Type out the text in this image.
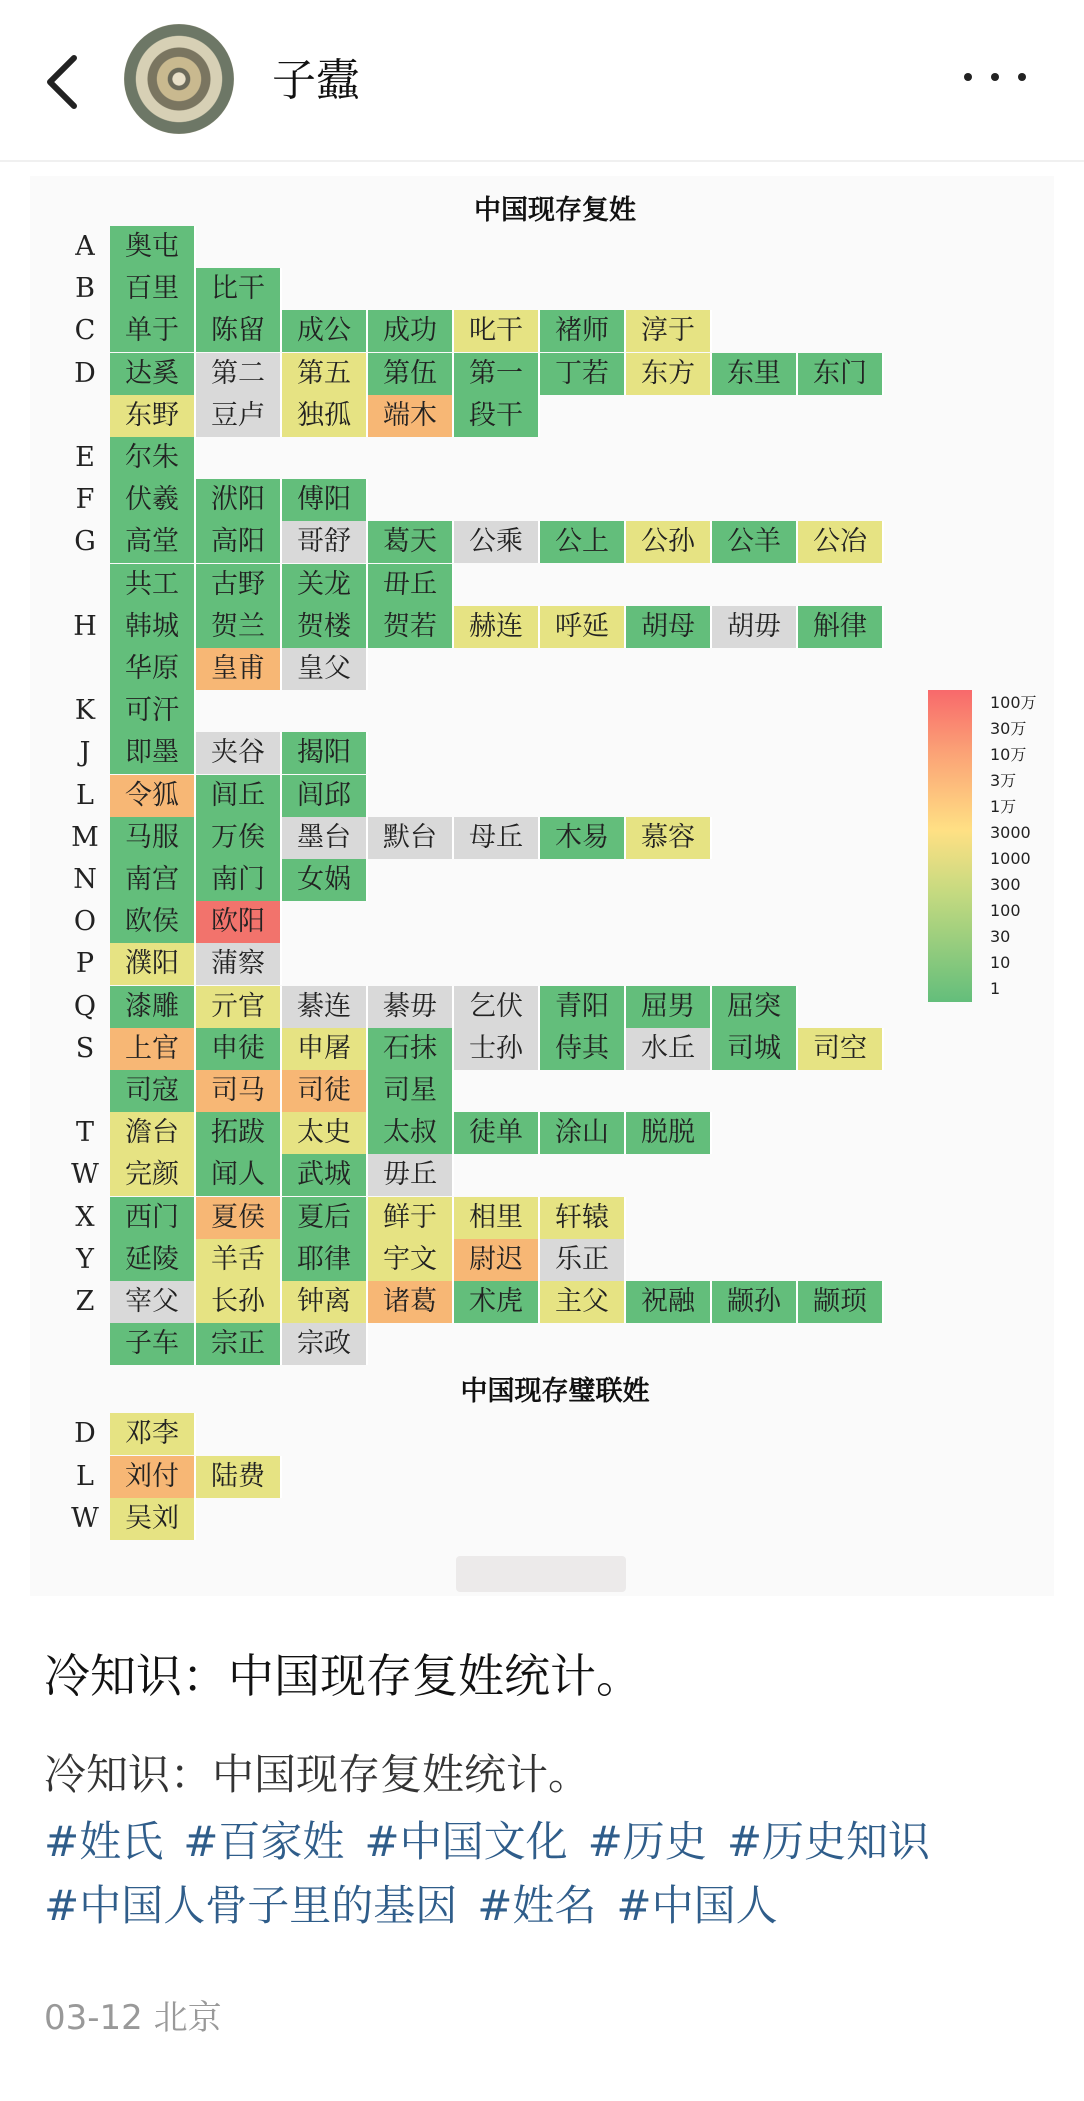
子蠹
中国现存复姓
A	奥屯
B	百里	比干
C	单于	陈留	成公	成功	叱干	褚师	淳于
D	达奚	第二	第五	第伍	第一	丁若	东方	东里	东门
东野	豆卢	独孤	端木	段干
E	尔朱
F	伏羲	洑阳	傅阳
G	高堂	高阳	哥舒	葛天	公乘	公上	公孙	公羊	公冶
共工	古野	关龙	毌丘
H	韩城	贺兰	贺楼	贺若	赫连	呼延	胡母	胡毋	斛律
华原	皇甫	皇父
K	可汗
J	即墨	夹谷	揭阳
L	令狐	闾丘	闾邱
M 马服	万俟	墨台	默台	母丘	木易	慕容
N	南宫	南门	女娲
O	欧侯	欧阳
P	濮阳	蒲察
Q	漆雕	亓官	綦连	綦毋	乞伏	青阳	屈男	屈突
S	上官	申徒	申屠	石抹	士孙	侍其	水丘	司城	司空
司寇	司马	司徒	司星
T	澹台	拓跋	太史	太叔	徒单	涂山	脱脱
W 完颜	闻人	武城	毋丘
X	西门	夏侯	夏后	鲜于	相里	轩辕
Y	延陵	羊舌	耶律	宇文	尉迟	乐正
Z	宰父	长孙	钟离	诸葛	术虎	主父	祝融	颛孙	颛顼
子车	宗正	宗政
D	邓李
L	刘付	陆费
W 吴刘
中国现存璧联姓
100万
30万
10万
3万
1万
3000
1000
300
100
30
10
1
冷知识：中国现存复姓统计。
冷知识：中国现存复姓统计。
#姓氏 #百家姓 #中国文化 #历史 #历史知识#中国人骨子里的基因 #姓名 #中国人
03-12 北京
